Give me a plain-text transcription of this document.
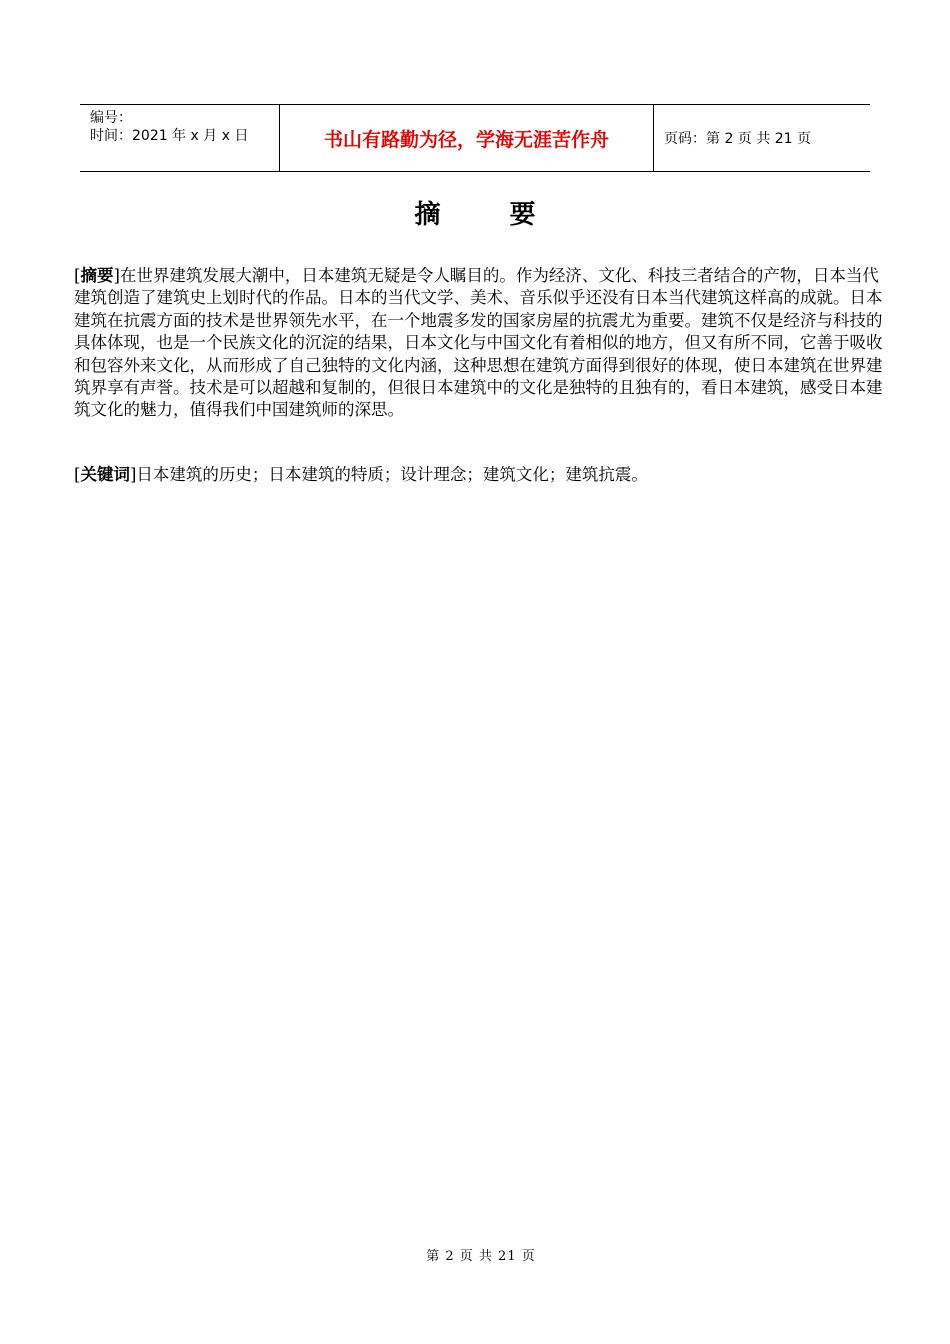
编号：
时间：2021 年 x 月 x 日	书山有路勤为径，学海无涯苦作舟	页码：第 2 页 共 21 页
摘 要

[摘要]在世界建筑发展大潮中，日本建筑无疑是令人瞩目的。作为经济、文化、科技三者结合的产物，日本当代建筑创造了建筑史上划时代的作品。日本的当代文学、美术、音乐似乎还没有日本当代建筑这样高的成就。日本建筑在抗震方面的技术是世界领先水平，在一个地震多发的国家房屋的抗震尤为重要。建筑不仅是经济与科技的具体体现，也是一个民族文化的沉淀的结果，日本文化与中国文化有着相似的地方，但又有所不同，它善于吸收和包容外来文化，从而形成了自己独特的文化内涵，这种思想在建筑方面得到很好的体现，使日本建筑在世界建筑界享有声誉。技术是可以超越和复制的，但很日本建筑中的文化是独特的且独有的，看日本建筑，感受日本建筑文化的魅力，值得我们中国建筑师的深思。

[关键词]日本建筑的历史；日本建筑的特质；设计理念；建筑文化；建筑抗震。

第 2 页 共 21 页
